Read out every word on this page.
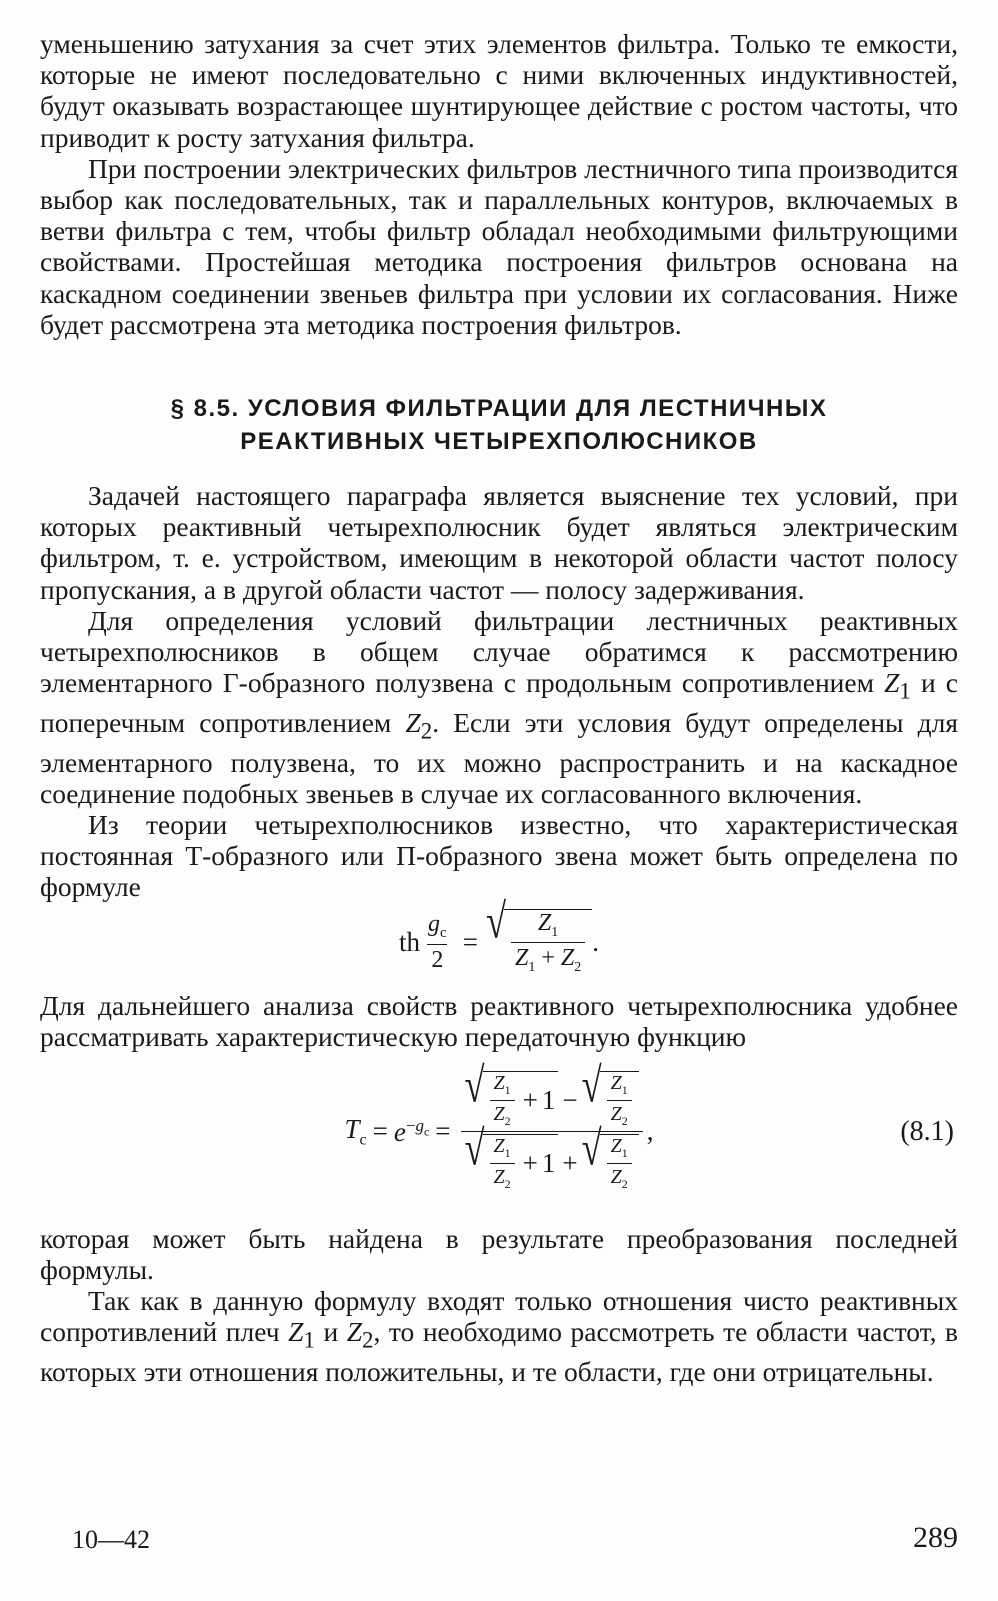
уменьшению затухания за счет этих элементов фильтра. Только те емкости, которые не имеют последовательно с ними включенных индуктивностей, будут оказывать возрастающее шунтирующее действие с ростом частоты, что приводит к росту затухания фильтра.

При построении электрических фильтров лестничного типа производится выбор как последовательных, так и параллельных контуров, включаемых в ветви фильтра с тем, чтобы фильтр обладал необходимыми фильтрующими свойствами. Простейшая методика построения фильтров основана на каскадном соединении звеньев фильтра при условии их согласования. Ниже будет рассмотрена эта методика построения фильтров.

§ 8.5. УСЛОВИЯ ФИЛЬТРАЦИИ ДЛЯ ЛЕСТНИЧНЫХ
РЕАКТИВНЫХ ЧЕТЫРЕХПОЛЮСНИКОВ

Задачей настоящего параграфа является выяснение тех условий, при которых реактивный четырехполюсник будет являться электрическим фильтром, т. е. устройством, имеющим в некоторой области частот полосу пропускания, а в другой области частот — полосу задерживания.

Для определения условий фильтрации лестничных реактивных четырехполюсников в общем случае обратимся к рассмотрению элементарного Г-образного полузвена с продольным сопротивлением $Z_1$ и с поперечным сопротивлением $Z_2$. Если эти условия будут определены для элементарного полузвена, то их можно распространить и на каскадное соединение подобных звеньев в случае их согласованного включения.

Из теории четырехполюсников известно, что характеристическая постоянная Т-образного или П-образного звена может быть определена по формуле

th $\frac{g_c}{2}$ = √ $\frac{Z_1}{Z_1 + Z_2}$ .

Для дальнейшего анализа свойств реактивного четырехполюсника удобнее рассматривать характеристическую передаточную функцию

$T_c = e^{-g_c}$ =
√ $\frac{Z_1}{Z_2} + 1$ − √ $\frac{Z_1}{Z_2}$
√ $\frac{Z_1}{Z_2} + 1$ + √ $\frac{Z_1}{Z_2}$
,	(8.1)

которая может быть найдена в результате преобразования последней формулы.

Так как в данную формулу входят только отношения чисто реактивных сопротивлений плеч $Z_1$ и $Z_2$, то необходимо рассмотреть те области частот, в которых эти отношения положительны, и те области, где они отрицательны.

10—42	289
